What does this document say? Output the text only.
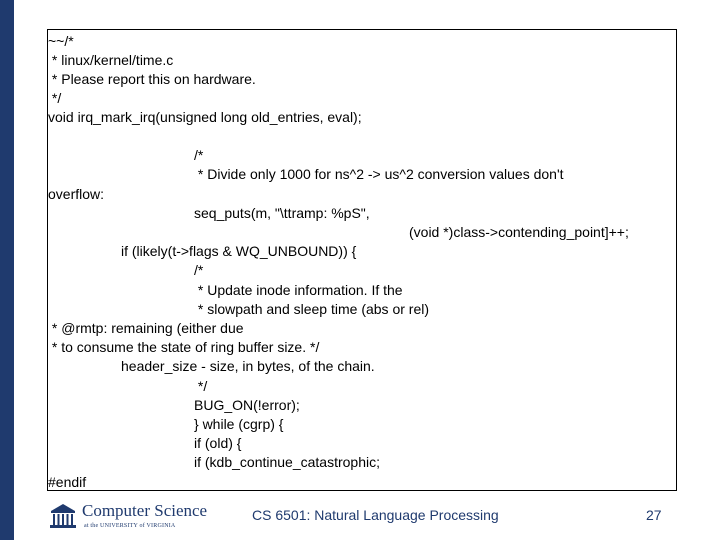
~~/*
* linux/kernel/time.c
* Please report this on hardware.
*/
void irq_mark_irq(unsigned long old_entries, eval);
/*
* Divide only 1000 for ns^2 -> us^2 conversion values don't
overflow:
seq_puts(m, "\ttramp: %pS",
(void *)class->contending_point]++;
if (likely(t->flags & WQ_UNBOUND)) {
/*
* Update inode information. If the
* slowpath and sleep time (abs or rel)
* @rmtp: remaining (either due
* to consume the state of ring buffer size. */
header_size - size, in bytes, of the chain.
*/
BUG_ON(!error);
} while (cgrp) {
if (old) {
if (kdb_continue_catastrophic;
#endif
Computer Science
at the UNIVERSITY of VIRGINIA
CS 6501: Natural Language Processing	27
